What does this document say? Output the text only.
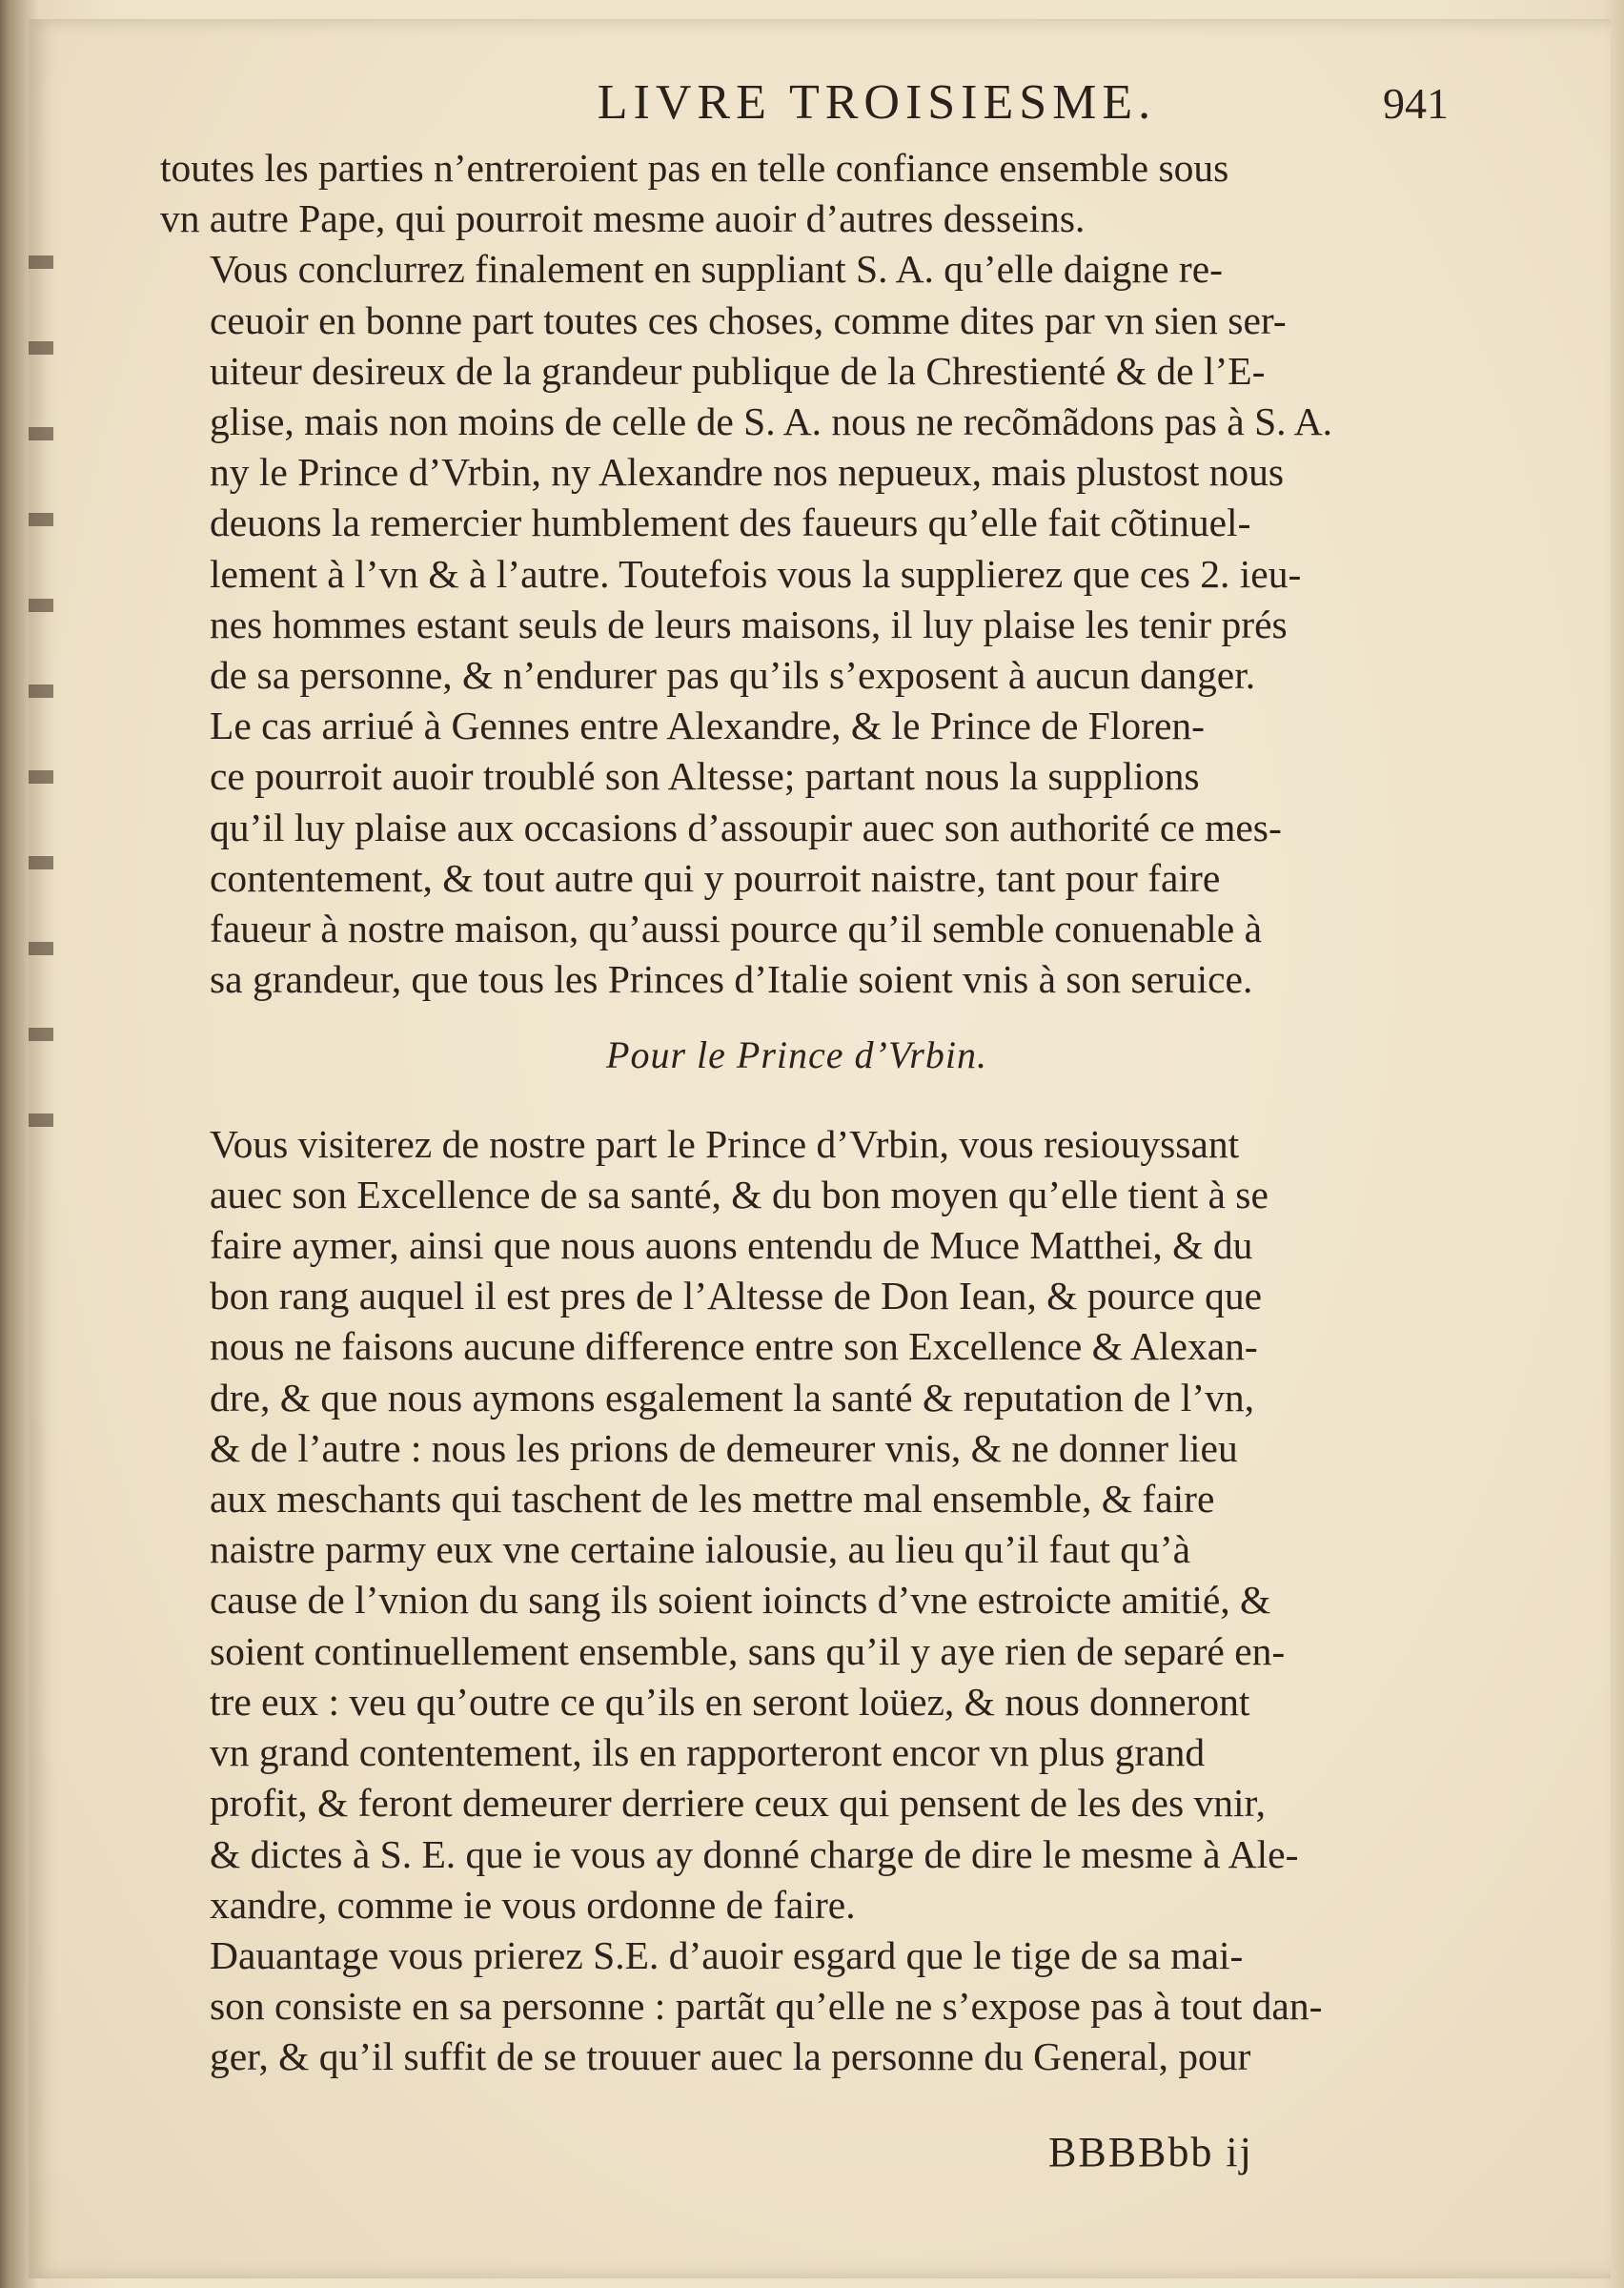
LIVRE TROISIESME.	941

toutes les parties n’entreroient pas en telle confiance ensemble sous
vn autre Pape, qui pourroit mesme auoir d’autres desseins.

Vous conclurrez finalement en suppliant S. A. qu’elle daigne re-
ceuoir en bonne part toutes ces choses, comme dites par vn sien ser-
uiteur desireux de la grandeur publique de la Chrestienté & de l’E-
glise, mais non moins de celle de S. A. nous ne recõmãdons pas à S. A.
ny le Prince d’Vrbin, ny Alexandre nos nepueux, mais plustost nous
deuons la remercier humblement des faueurs qu’elle fait cõtinuel-
lement à l’vn & à l’autre. Toutefois vous la supplierez que ces 2. ieu-
nes hommes estant seuls de leurs maisons, il luy plaise les tenir prés
de sa personne, & n’endurer pas qu’ils s’exposent à aucun danger.

Le cas arriué à Gennes entre Alexandre, & le Prince de Floren-
ce pourroit auoir troublé son Altesse; partant nous la supplions
qu’il luy plaise aux occasions d’assoupir auec son authorité ce mes-
contentement, & tout autre qui y pourroit naistre, tant pour faire
faueur à nostre maison, qu’aussi pource qu’il semble conuenable à
sa grandeur, que tous les Princes d’Italie soient vnis à son seruice.

Pour le Prince d’Vrbin.

Vous visiterez de nostre part le Prince d’Vrbin, vous resiouyssant
auec son Excellence de sa santé, & du bon moyen qu’elle tient à se
faire aymer, ainsi que nous auons entendu de Muce Matthei, & du
bon rang auquel il est pres de l’Altesse de Don Iean, & pource que
nous ne faisons aucune difference entre son Excellence & Alexan-
dre, & que nous aymons esgalement la santé & reputation de l’vn,
& de l’autre : nous les prions de demeurer vnis, & ne donner lieu
aux meschants qui taschent de les mettre mal ensemble, & faire
naistre parmy eux vne certaine ialousie, au lieu qu’il faut qu’à
cause de l’vnion du sang ils soient ioincts d’vne estroicte amitié, &
soient continuellement ensemble, sans qu’il y aye rien de separé en-
tre eux : veu qu’outre ce qu’ils en seront loüez, & nous donneront
vn grand contentement, ils en rapporteront encor vn plus grand
profit, & feront demeurer derriere ceux qui pensent de les des vnir,
& dictes à S. E. que ie vous ay donné charge de dire le mesme à Ale-
xandre, comme ie vous ordonne de faire.

Dauantage vous prierez S.E. d’auoir esgard que le tige de sa mai-
son consiste en sa personne : partãt qu’elle ne s’expose pas à tout dan-
ger, & qu’il suffit de se trouuer auec la personne du General, pour

BBBBbb ij
